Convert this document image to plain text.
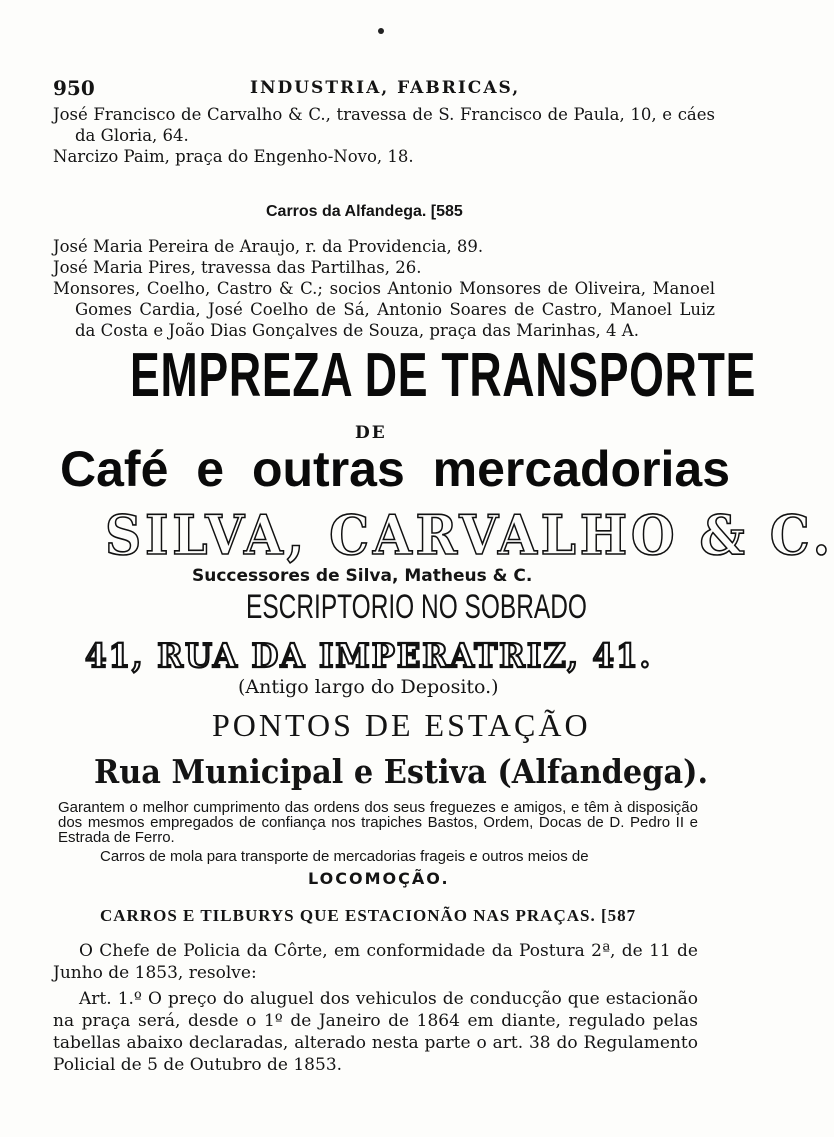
950	INDUSTRIA, FABRICAS,
José Francisco de Carvalho & C., travessa de S. Francisco de Paula, 10, e cáes da Gloria, 64.
Narcizo Paim, praça do Engenho-Novo, 18.
Carros da Alfandega. [585
José Maria Pereira de Araujo, r. da Providencia, 89.
José Maria Pires, travessa das Partilhas, 26.
Monsores, Coelho, Castro & C.; socios Antonio Monsores de Oliveira, Manoel Gomes Cardia, José Coelho de Sá, Antonio Soares de Castro, Manoel Luiz da Costa e João Dias Gonçalves de Souza, praça das Marinhas, 4 A.
EMPREZA DE TRANSPORTE
DE
Café e outras mercadorias
SILVA, CARVALHO & C.
Successores de Silva, Matheus & C.
ESCRIPTORIO NO SOBRADO
41, RUA DA IMPERATRIZ, 41.
(Antigo largo do Deposito.)
PONTOS DE ESTAÇÃO
Rua Municipal e Estiva (Alfandega).
Garantem o melhor cumprimento das ordens dos seus freguezes e amigos, e têm à disposição dos mesmos empregados de confiança nos trapiches Bastos, Ordem, Docas de D. Pedro II e Estrada de Ferro.
Carros de mola para transporte de mercadorias frageis e outros meios de
LOCOMOÇÃO.
CARROS E TILBURYS QUE ESTACIONÃO NAS PRAÇAS. [587
O Chefe de Policia da Côrte, em conformidade da Postura 2ª, de 11 de Junho de 1853, resolve:
Art. 1.º O preço do aluguel dos vehiculos de conducção que estacionão na praça será, desde o 1º de Janeiro de 1864 em diante, regulado pelas tabellas abaixo declaradas, alterado nesta parte o art. 38 do Regulamento Policial de 5 de Outubro de 1853.
